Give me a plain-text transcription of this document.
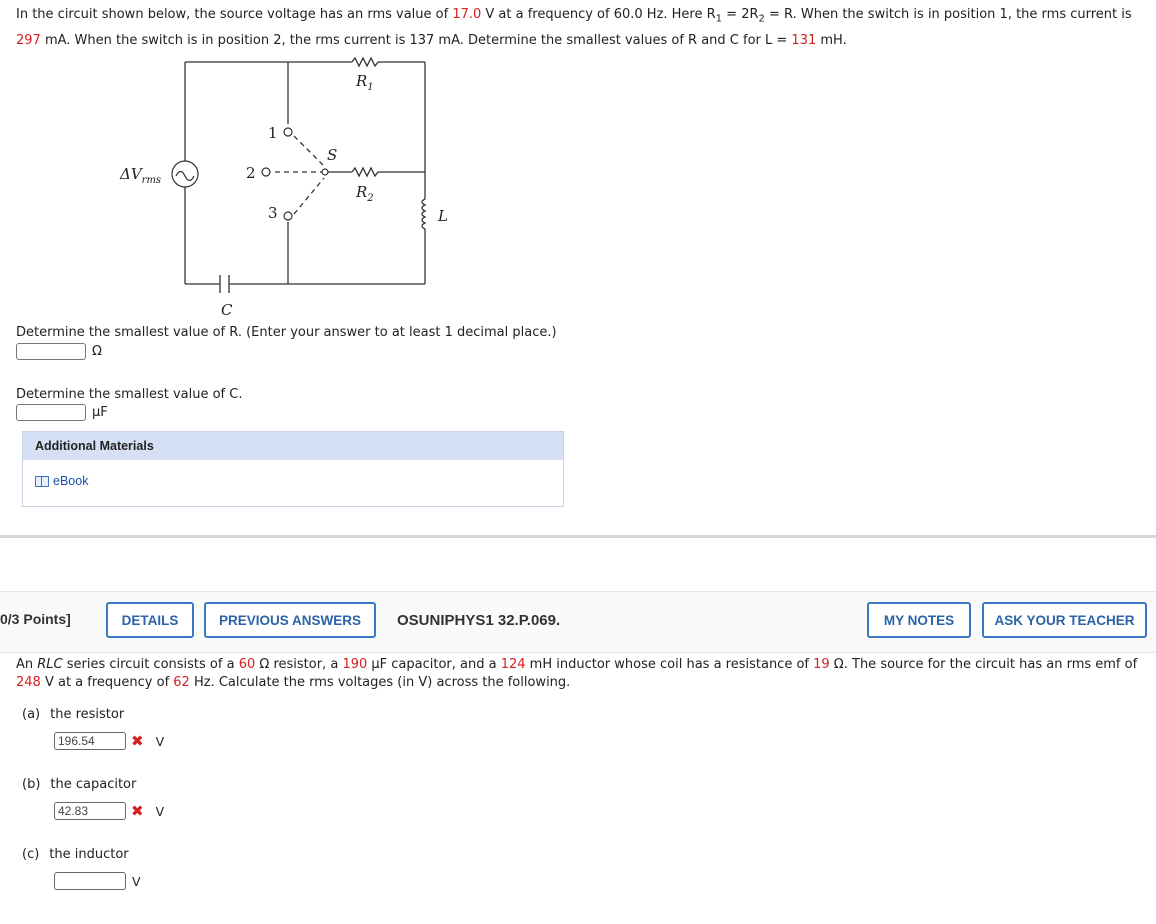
In the circuit shown below, the source voltage has an rms value of 17.0 V at a frequency of 60.0 Hz. Here $R_1 = 2R_2 = R$. When the switch is in position 1, the rms current is 297 mA. When the switch is in position 2, the rms current is 137 mA. Determine the smallest values of R and C for L = 131 mH.
$\Delta V_{rms}$
$R_1$
$R_2$
S
L
C
1
2
3
Determine the smallest value of R. (Enter your answer to at least 1 decimal place.)
Ω
Determine the smallest value of C.
µF
Additional Materials
eBook
0/3 Points]	DETAILS	PREVIOUS ANSWERS	OSUNIPHYS1 32.P.069.	MY NOTES	ASK YOUR TEACHER
An RLC series circuit consists of a 60 Ω resistor, a 190 µF capacitor, and a 124 mH inductor whose coil has a resistance of 19 Ω. The source for the circuit has an rms emf of 248 V at a frequency of 62 Hz. Calculate the rms voltages (in V) across the following.
(a) the resistor
196.54	✖ V
(b) the capacitor
42.83	✖ V
(c) the inductor
V
